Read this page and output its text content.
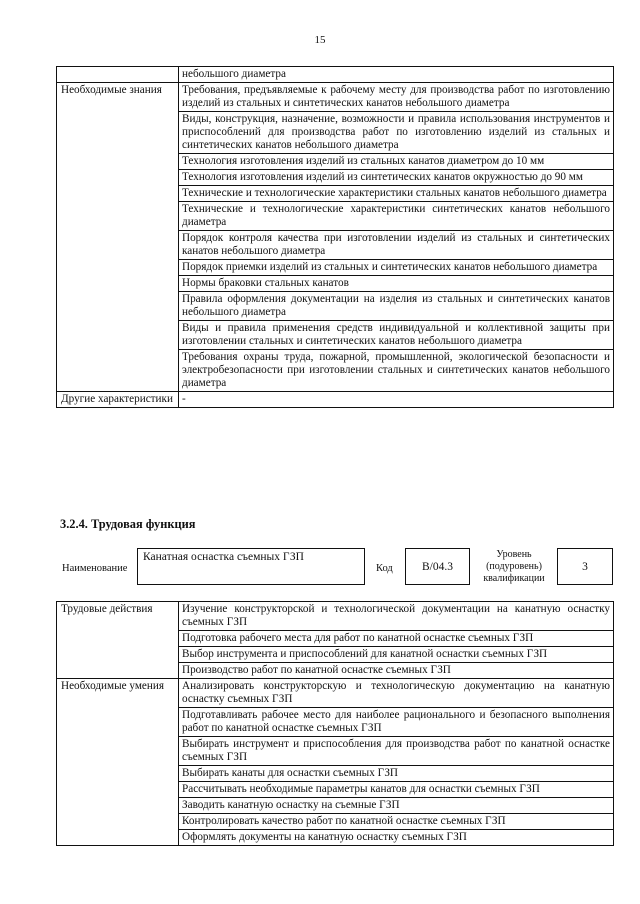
15
	небольшого диаметра
Необходимые знания	Требования, предъявляемые к рабочему месту для производства работ по изготовлению изделий из стальных и синтетических канатов небольшого диаметра
	Виды, конструкция, назначение, возможности и правила использования инструментов и приспособлений для производства работ по изготовлению изделий из стальных и синтетических канатов небольшого диаметра
	Технология изготовления изделий из стальных канатов диаметром до 10 мм
	Технология изготовления изделий из синтетических канатов окружностью до 90 мм
	Технические и технологические характеристики стальных канатов небольшого диаметра
	Технические и технологические характеристики синтетических канатов небольшого диаметра
	Порядок контроля качества при изготовлении изделий из стальных и синтетических канатов небольшого диаметра
	Порядок приемки изделий из стальных и синтетических канатов небольшого диаметра
	Нормы браковки стальных канатов
	Правила оформления документации на изделия из стальных и синтетических канатов небольшого диаметра
	Виды и правила применения средств индивидуальной и коллективной защиты при изготовлении стальных и синтетических канатов небольшого диаметра
	Требования охраны труда, пожарной, промышленной, экологической безопасности и электробезопасности при изготовлении стальных и синтетических канатов небольшого диаметра
Другие характеристики	-
3.2.4. Трудовая функция
Наименование
Канатная оснастка съемных ГЗП
Код	B/04.3
Уровень (подуровень) квалификации
3
Трудовые действия	Изучение конструкторской и технологической документации на канатную оснастку съемных ГЗП
	Подготовка рабочего места для работ по канатной оснастке съемных ГЗП
	Выбор инструмента и приспособлений для канатной оснастки съемных ГЗП
	Производство работ по канатной оснастке съемных ГЗП
Необходимые умения	Анализировать конструкторскую и технологическую документацию на канатную оснастку съемных ГЗП
	Подготавливать рабочее место для наиболее рационального и безопасного выполнения работ по канатной оснастке съемных ГЗП
	Выбирать инструмент и приспособления для производства работ по канатной оснастке съемных ГЗП
	Выбирать канаты для оснастки съемных ГЗП
	Рассчитывать необходимые параметры канатов для оснастки съемных ГЗП
	Заводить канатную оснастку на съемные ГЗП
	Контролировать качество работ по канатной оснастке съемных ГЗП
	Оформлять документы на канатную оснастку съемных ГЗП
